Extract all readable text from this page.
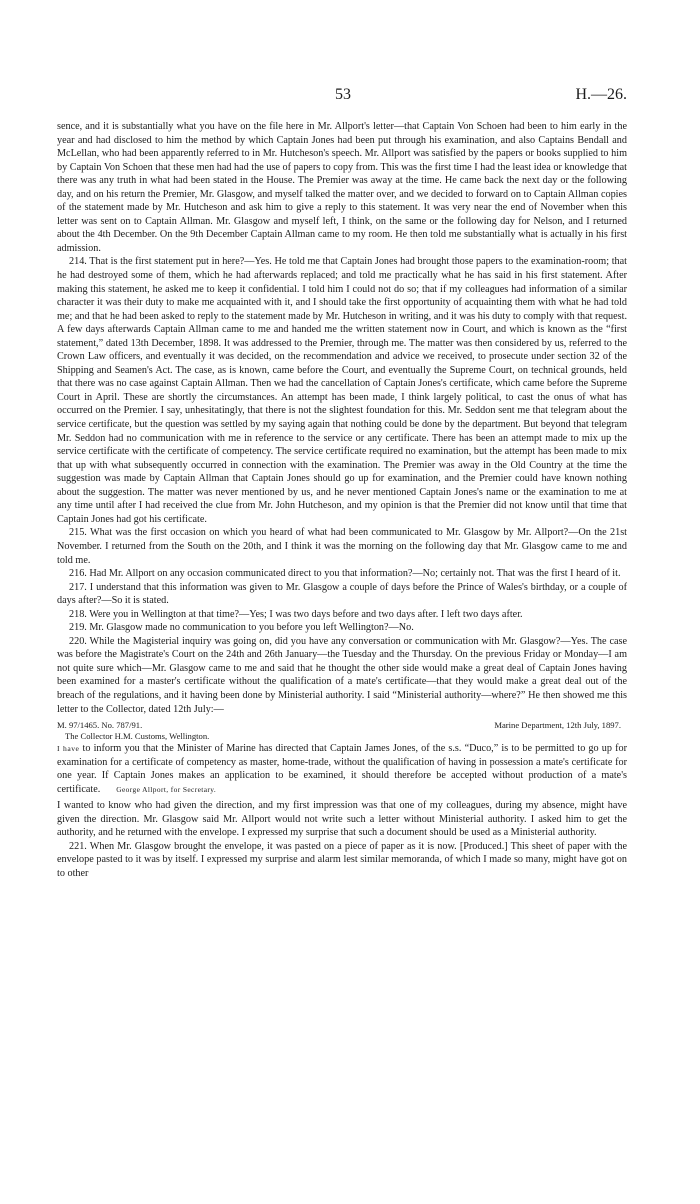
53	H.—26.

sence, and it is substantially what you have on the file here in Mr. Allport's letter—that Captain Von Schoen had been to him early in the year and had disclosed to him the method by which Captain Jones had been put through his examination, and also Captains Bendall and McLellan, who had been apparently referred to in Mr. Hutcheson's speech. Mr. Allport was satisfied by the papers or books supplied to him by Captain Von Schoen that these men had had the use of papers to copy from. This was the first time I had the least idea or knowledge that there was any truth in what had been stated in the House. The Premier was away at the time. He came back the next day or the following day, and on his return the Premier, Mr. Glasgow, and myself talked the matter over, and we decided to forward on to Captain Allman copies of the statement made by Mr. Hutcheson and ask him to give a reply to this statement. It was very near the end of November when this letter was sent on to Captain Allman. Mr. Glasgow and myself left, I think, on the same or the following day for Nelson, and I returned about the 4th December. On the 9th December Captain Allman came to my room. He then told me substantially what is actually in his first admission.

214. That is the first statement put in here?—Yes. He told me that Captain Jones had brought those papers to the examination-room; that he had destroyed some of them, which he had afterwards replaced; and told me practically what he has said in his first statement. After making this statement, he asked me to keep it confidential. I told him I could not do so; that if my colleagues had information of a similar character it was their duty to make me acquainted with it, and I should take the first opportunity of acquainting them with what he had told me; and that he had been asked to reply to the statement made by Mr. Hutcheson in writing, and it was his duty to comply with that request. A few days afterwards Captain Allman came to me and handed me the written statement now in Court, and which is known as the “first statement,” dated 13th December, 1898. It was addressed to the Premier, through me. The matter was then considered by us, referred to the Crown Law officers, and eventually it was decided, on the recommendation and advice we received, to prosecute under section 32 of the Shipping and Seamen's Act. The case, as is known, came before the Court, and eventually the Supreme Court, on technical grounds, held that there was no case against Captain Allman. Then we had the cancellation of Captain Jones's certificate, which came before the Supreme Court in April. These are shortly the circumstances. An attempt has been made, I think largely political, to cast the onus of what has occurred on the Premier. I say, unhesitatingly, that there is not the slightest foundation for this. Mr. Seddon sent me that telegram about the service certificate, but the question was settled by my saying again that nothing could be done by the department. But beyond that telegram Mr. Seddon had no communication with me in reference to the service or any certificate. There has been an attempt made to mix up the service certificate with the certificate of competency. The service certificate required no examination, but the attempt has been made to mix that up with what subsequently occurred in connection with the examination. The Premier was away in the Old Country at the time the suggestion was made by Captain Allman that Captain Jones should go up for examination, and the Premier could have known nothing about the suggestion. The matter was never mentioned by us, and he never mentioned Captain Jones's name or the examination to me at any time until after I had received the clue from Mr. John Hutcheson, and my opinion is that the Premier did not know until that time that Captain Jones had got his certificate.

215. What was the first occasion on which you heard of what had been communicated to Mr. Glasgow by Mr. Allport?—On the 21st November. I returned from the South on the 20th, and I think it was the morning on the following day that Mr. Glasgow came to me and told me.

216. Had Mr. Allport on any occasion communicated direct to you that information?—No; certainly not. That was the first I heard of it.

217. I understand that this information was given to Mr. Glasgow a couple of days before the Prince of Wales's birthday, or a couple of days after?—So it is stated.

218. Were you in Wellington at that time?—Yes; I was two days before and two days after. I left two days after.

219. Mr. Glasgow made no communication to you before you left Wellington?—No.

220. While the Magisterial inquiry was going on, did you have any conversation or communication with Mr. Glasgow?—Yes. The case was before the Magistrate's Court on the 24th and 26th January—the Tuesday and the Thursday. On the previous Friday or Monday—I am not quite sure which—Mr. Glasgow came to me and said that he thought the other side would make a great deal of Captain Jones having been examined for a master's certificate without the qualification of a mate's certificate—that they would make a great deal out of the breach of the regulations, and it having been done by Ministerial authority. I said “Ministerial authority—where?” He then showed me this letter to the Collector, dated 12th July:—

M. 97/1465. No. 787/91.	Marine Department, 12th July, 1897.
The Collector H.M. Customs, Wellington.

I have to inform you that the Minister of Marine has directed that Captain James Jones, of the s.s. “Duco,” is to be permitted to go up for examination for a certificate of competency as master, home-trade, without the qualification of having in possession a mate's certificate for one year. If Captain Jones makes an application to be examined, it should therefore be accepted without production of a mate's certificate. George Allport, for Secretary.

I wanted to know who had given the direction, and my first impression was that one of my colleagues, during my absence, might have given the direction. Mr. Glasgow said Mr. Allport would not write such a letter without Ministerial authority. I asked him to get the authority, and he returned with the envelope. I expressed my surprise that such a document should be used as a Ministerial authority.

221. When Mr. Glasgow brought the envelope, it was pasted on a piece of paper as it is now. [Produced.] This sheet of paper with the envelope pasted to it was by itself. I expressed my surprise and alarm lest similar memoranda, of which I made so many, might have got on to other
